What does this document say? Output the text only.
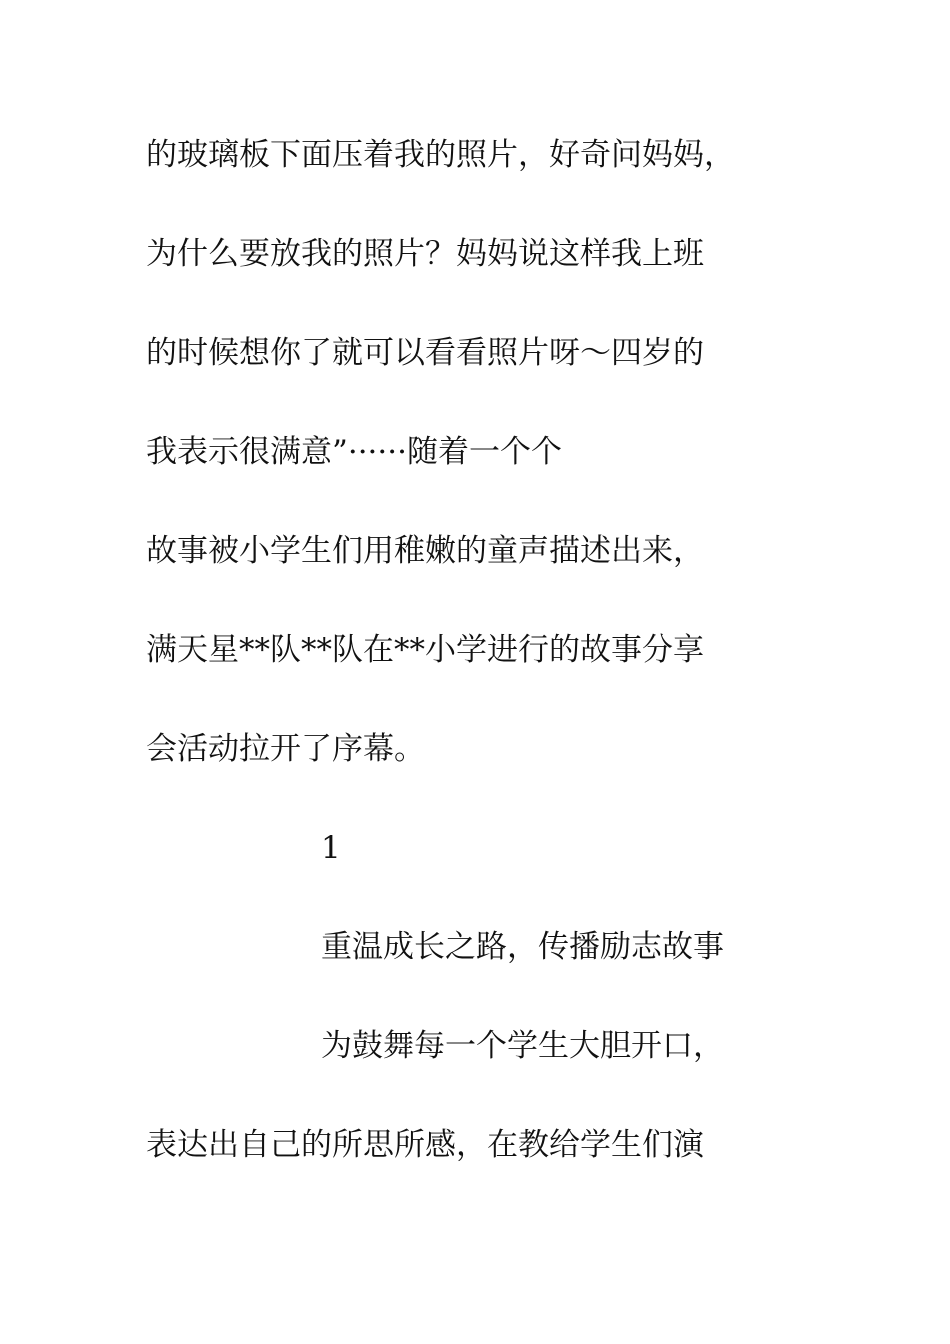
的玻璃板下面压着我的照片，好奇问妈妈，
为什么要放我的照片？妈妈说这样我上班
的时候想你了就可以看看照片呀～四岁的
我表示很满意”······随着一个个
故事被小学生们用稚嫩的童声描述出来，
满天星**队**队在**小学进行的故事分享
会活动拉开了序幕。
1
重温成长之路，传播励志故事
为鼓舞每一个学生大胆开口，
表达出自己的所思所感，在教给学生们演
